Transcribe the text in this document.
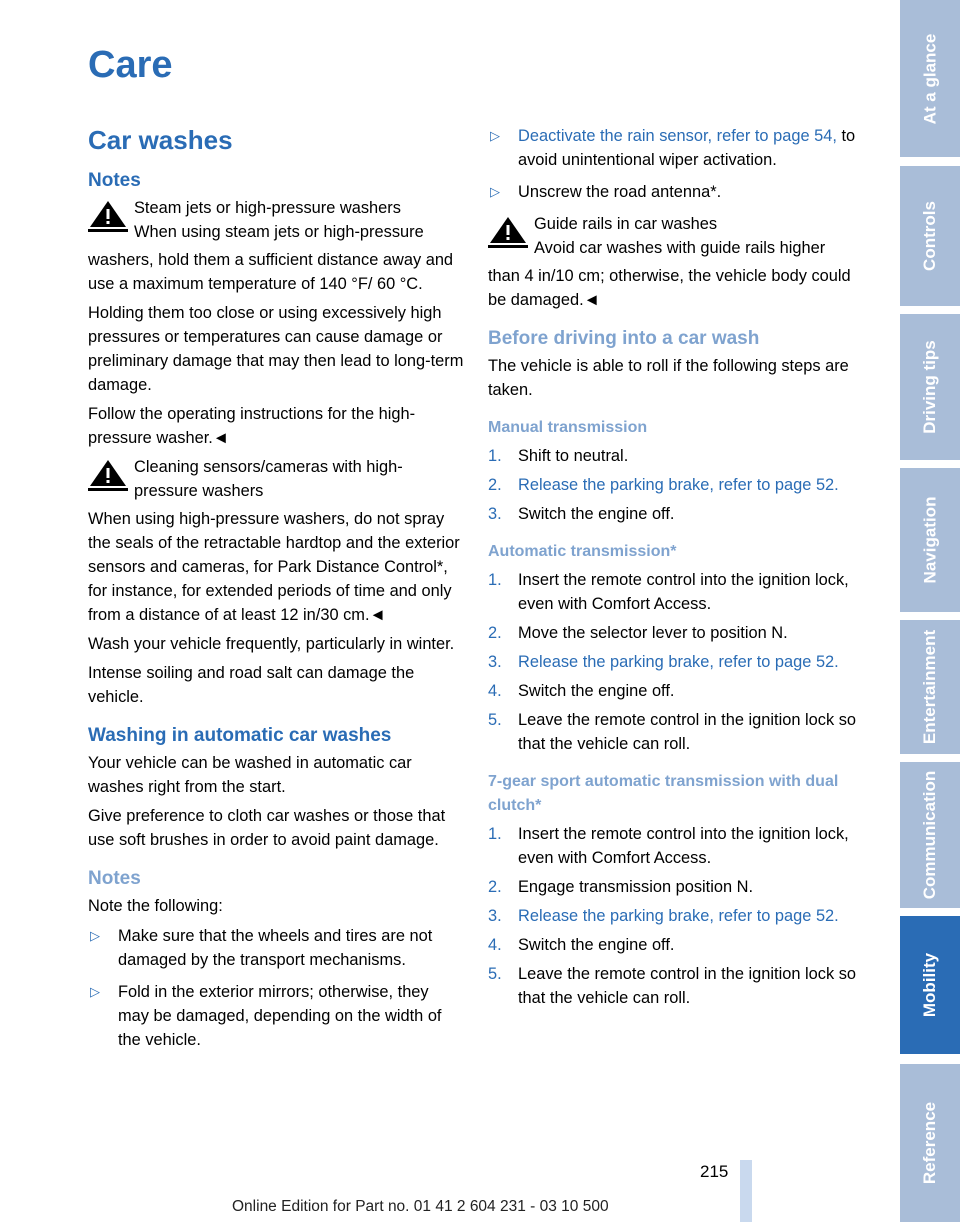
Care
Car washes
Notes
Steam jets or high-pressure washers
When using steam jets or high-pressure

washers, hold them a sufficient distance away and use a maximum temperature of 140 °F/ 60 °C.

Holding them too close or using excessively high pressures or temperatures can cause damage or preliminary damage that may then lead to long-term damage.

Follow the operating instructions for the high-pressure washer.◄

Cleaning sensors/cameras with high-
pressure washers

When using high-pressure washers, do not spray the seals of the retractable hardtop and the exterior sensors and cameras, for Park Distance Control*, for instance, for extended periods of time and only from a distance of at least 12 in/30 cm.◄

Wash your vehicle frequently, particularly in winter.

Intense soiling and road salt can damage the vehicle.

Washing in automatic car washes

Your vehicle can be washed in automatic car washes right from the start.

Give preference to cloth car washes or those that use soft brushes in order to avoid paint damage.

Notes

Note the following:

▷ Make sure that the wheels and tires are not damaged by the transport mechanisms.
▷ Fold in the exterior mirrors; otherwise, they may be damaged, depending on the width of the vehicle.
▷ Deactivate the rain sensor, refer to page 54, to avoid unintentional wiper activation.
▷ Unscrew the road antenna*.
Guide rails in car washes
Avoid car washes with guide rails higher

than 4 in/10 cm; otherwise, the vehicle body could be damaged.◄

Before driving into a car wash

The vehicle is able to roll if the following steps are taken.

Manual transmission
1. Shift to neutral.
2. Release the parking brake, refer to page 52.
3. Switch the engine off.
Automatic transmission*
1. Insert the remote control into the ignition lock, even with Comfort Access.
2. Move the selector lever to position N.
3. Release the parking brake, refer to page 52.
4. Switch the engine off.
5. Leave the remote control in the ignition lock so that the vehicle can roll.
7-gear sport automatic transmission with dual clutch*
1. Insert the remote control into the ignition lock, even with Comfort Access.
2. Engage transmission position N.
3. Release the parking brake, refer to page 52.
4. Switch the engine off.
5. Leave the remote control in the ignition lock so that the vehicle can roll.
215
Online Edition for Part no. 01 41 2 604 231 - 03 10 500
At a glance
Controls
Driving tips
Navigation
Entertainment
Communication
Mobility
Reference
